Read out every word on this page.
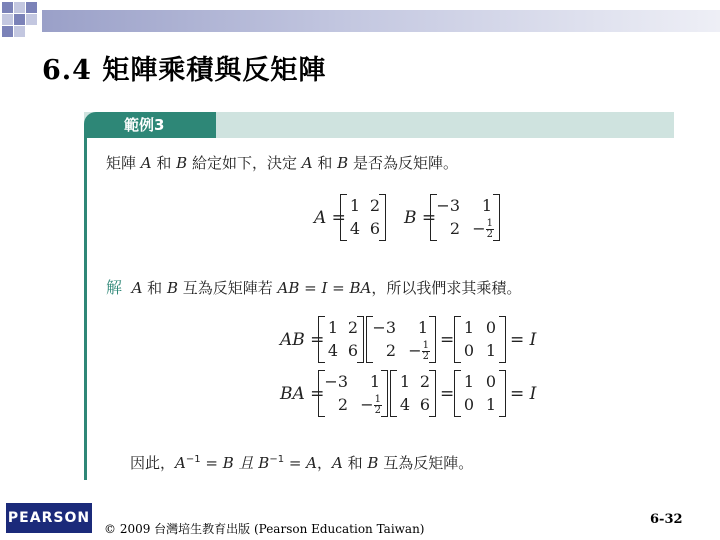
6.4 矩陣乘積與反矩陣
範例3
矩陣 A 和 B 給定如下，決定 A 和 B 是否為反矩陣。
A =
1 2
4 6
B =
−3	1
$2 - \frac{1}{2}$
解 A 和 B 互為反矩陣若 AB = I = BA，所以我們求其乘積。
AB =
1 2
4 6
−3	1
$2 - \frac{1}{2}$
=
1 0
0 1
= I
BA =
−3	1
$2 - \frac{1}{2}$
1 2
4 6
=
1 0
0 1
= I
因此，$A^{-1} = B$ 且 $B^{-1} = A$，A 和 B 互為反矩陣。
PEARSON
© 2009 台灣培生教育出版 (Pearson Education Taiwan)
6-32
